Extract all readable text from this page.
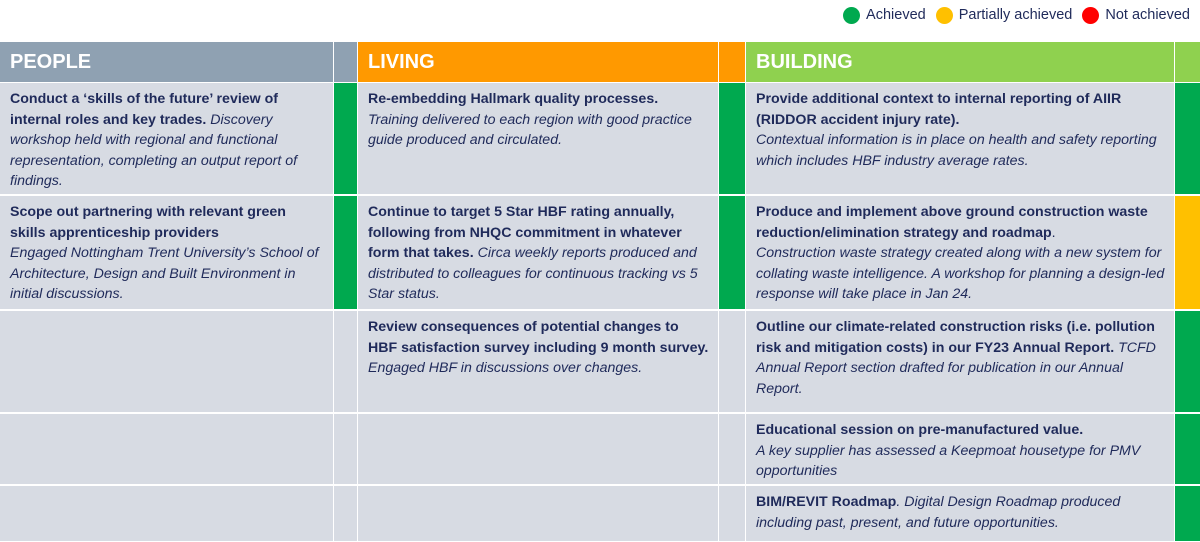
Achieved Partially achieved Not achieved
PEOPLE	LIVING	BUILDING
Conduct a ‘skills of the future’ review of internal roles and key trades. Discovery workshop held with regional and functional representation, completing an output report of findings.
Scope out partnering with relevant green skills apprenticeship providers
Engaged Nottingham Trent University’s School of Architecture, Design and Built Environment in initial discussions.
Re-embedding Hallmark quality processes.
Training delivered to each region with good practice guide produced and circulated.
Continue to target 5 Star HBF rating annually, following from NHQC commitment in whatever form that takes. Circa weekly reports produced and distributed to colleagues for continuous tracking vs 5 Star status.
Review consequences of potential changes to HBF satisfaction survey including 9 month survey. Engaged HBF in discussions over changes.
Provide additional context to internal reporting of AIIR (RIDDOR accident injury rate).
Contextual information is in place on health and safety reporting which includes HBF industry average rates.
Produce and implement above ground construction waste reduction/elimination strategy and roadmap.
Construction waste strategy created along with a new system for collating waste intelligence. A workshop for planning a design-led response will take place in Jan 24.
Outline our climate-related construction risks (i.e. pollution risk and mitigation costs) in our FY23 Annual Report. TCFD Annual Report section drafted for publication in our Annual Report.
Educational session on pre-manufactured value.
A key supplier has assessed a Keepmoat housetype for PMV opportunities
BIM/REVIT Roadmap. Digital Design Roadmap produced including past, present, and future opportunities.
